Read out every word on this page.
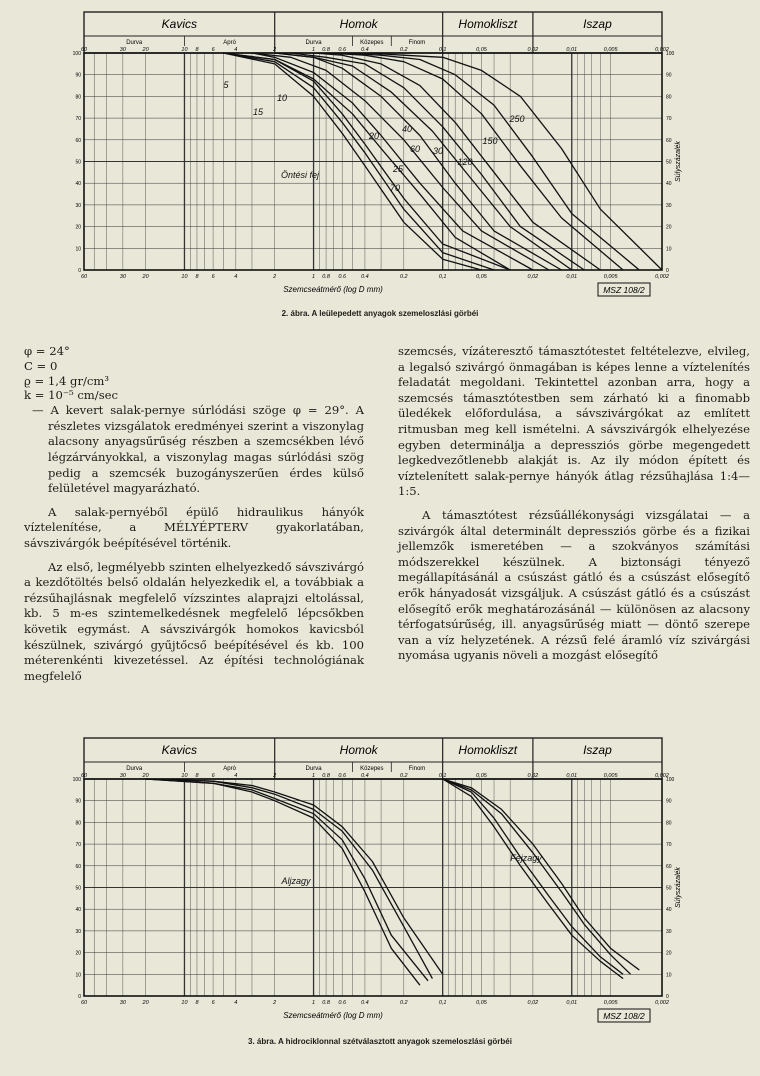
Kavics	Homok	Homokliszt	Iszap
Durva	Apró	Durva	Közepes	Finom
60
60
30
30
20
20
10
10
8
8
6
6
4
4
2
2
1
1
0.8
0.8
0.6
0.6
0.4
0.4
0.2
0.2
0,1
0,1
0,05
0,05
0,02
0,02
0,01
0,01
0,005
0,005
0,002
0,002
100	100
90	90
80	80
70	70
60	60
50	50
40	40
30	30
20	20
10	10
0	0
Súlyszázalék
Szemcseátmérő (log D mm)	MSZ 108/2
5
15
10
20
40
60
25
30
70
120
150
250
Öntési fej
2. ábra. A leülepedett anyagok szemeloszlási görbéi

φ = 24°

C = 0

ϱ = 1,4 gr/cm³

k = 10⁻⁵ cm/sec

— A kevert salak-pernye súrlódási szöge φ = 29°. A részletes vizsgálatok eredményei szerint a viszonylag alacsony anyagsűrűség részben a szemcsékben lévő légzárványokkal, a viszonylag magas súrlódási szög pedig a szemcsék buzogányszerűen érdes külső felületével magyarázható.

A salak-pernyéből épülő hidraulikus hányók víztelenítése, a MÉLYÉPTERV gyakorlatában, sávszivárgók beépítésével történik.

Az első, legmélyebb szinten elhelyezkedő sávszivárgó a kezdőtöltés belső oldalán helyezkedik el, a továbbiak a rézsűhajlásnak megfelelő vízszintes alaprajzi eltolással, kb. 5 m-es szintemelkedésnek megfelelő lépcsőkben követik egymást. A sávszivárgók homokos kavicsból készülnek, szivárgó gyűjtőcső beépítésével és kb. 100 méterenkénti kivezetéssel. Az építési technológiának megfelelő

szemcsés, vízáteresztő támasztótestet feltételezve, elvileg, a legalsó szivárgó önmagában is képes lenne a víztelenítés feladatát megoldani. Tekintettel azonban arra, hogy a szemcsés támasztótestben sem zárható ki a finomabb üledékek előfordulása, a sávszivárgókat az említett ritmusban meg kell ismételni. A sávszivárgók elhelyezése egyben determinálja a depressziós görbe megengedett legkedvezőtlenebb alakját is. Az ily módon épített és víztelenített salak-pernye hányók átlag rézsűhajlása 1:4—1:5.

A támasztótest rézsűállékonysági vizsgálatai — a szivárgók által determinált depressziós görbe és a fizikai jellemzők ismeretében — a szokványos számítási módszerekkel készülnek. A biztonsági tényező megállapításánál a csúszást gátló és a csúszást elősegítő erők hányadosát vizsgáljuk. A csúszást gátló és a csúszást elősegítő erők meghatározásánál — különösen az alacsony térfogatsúrűség, ill. anyagsűrűség miatt — döntő szerepe van a víz helyzetének. A rézsű felé áramló víz szivárgási nyomása ugyanis növeli a mozgást elősegítő

Kavics	Homok	Homokliszt	Iszap
Durva	Apró	Durva	Közepes	Finom
60
60
30
30
20
20
10
10
8
8
6
6
4
4
2
2
1
1
0.8
0.8
0.6
0.6
0.4
0.4
0.2
0.2
0,1
0,1
0,05
0,05
0,02
0,02
0,01
0,01
0,005
0,005
0,002
0,002
100	100
90	90
80	80
70	70
60	60
50	50
40	40
30	30
20	20
10	10
0	0
Súlyszázalék
Szemcseátmérő (log D mm)	MSZ 108/2
Aljzagy
Fejzagy
3. ábra. A hidrociklonnal szétválasztott anyagok szemeloszlási görbéi
